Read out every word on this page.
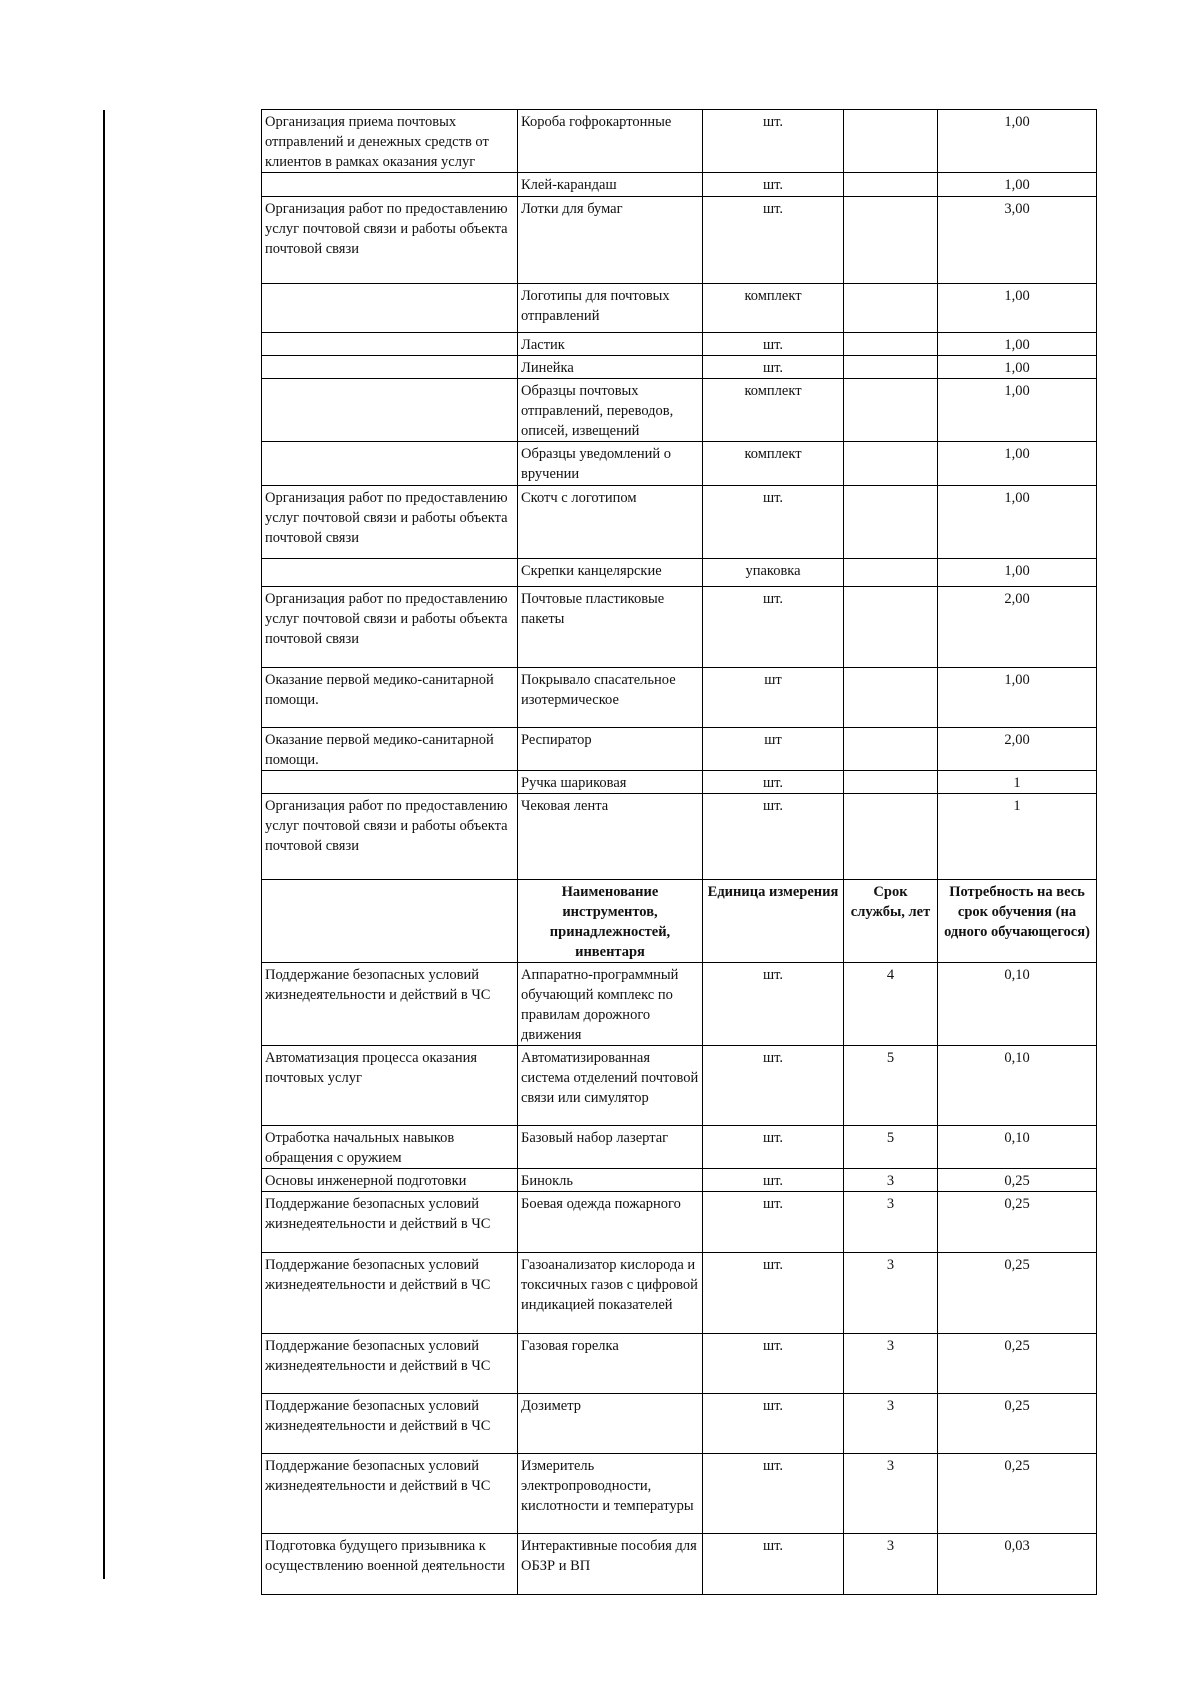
Организация приема почтовых отправлений и денежных средств от клиентов в рамках оказания услуг	Короба гофрокартонные	шт.		1,00
	Клей-карандаш	шт.		1,00
Организация работ по предоставлению услуг почтовой связи и работы объекта почтовой связи	Лотки для бумаг	шт.		3,00
	Логотипы для почтовых отправлений	комплект		1,00
	Ластик	шт.		1,00
	Линейка	шт.		1,00
	Образцы почтовых отправлений, переводов, описей, извещений	комплект		1,00
	Образцы уведомлений о вручении	комплект		1,00
Организация работ по предоставлению услуг почтовой связи и работы объекта почтовой связи	Скотч с логотипом	шт.		1,00
	Скрепки канцелярские	упаковка		1,00
Организация работ по предоставлению услуг почтовой связи и работы объекта почтовой связи	Почтовые пластиковые пакеты	шт.		2,00
Оказание первой медико-санитарной помощи.	Покрывало спасательное изотермическое	шт		1,00
Оказание первой медико-санитарной помощи.	Респиратор	шт		2,00
	Ручка шариковая	шт.		1
Организация работ по предоставлению услуг почтовой связи и работы объекта почтовой связи	Чековая лента	шт.		1
	Наименование инструментов, принадлежностей, инвентаря	Единица измерения	Срок службы, лет	Потребность на весь срок обучения (на одного обучающегося)
Поддержание безопасных условий жизнедеятельности и действий в ЧС	Аппаратно-программный обучающий комплекс по правилам дорожного движения	шт.	4	0,10
Автоматизация процесса оказания почтовых услуг	Автоматизированная система отделений почтовой связи или симулятор	шт.	5	0,10
Отработка начальных навыков обращения с оружием	Базовый набор лазертаг	шт.	5	0,10
Основы инженерной подготовки	Бинокль	шт.	3	0,25
Поддержание безопасных условий жизнедеятельности и действий в ЧС	Боевая одежда пожарного	шт.	3	0,25
Поддержание безопасных условий жизнедеятельности и действий в ЧС	Газоанализатор кислорода и токсичных газов с цифровой индикацией показателей	шт.	3	0,25
Поддержание безопасных условий жизнедеятельности и действий в ЧС	Газовая горелка	шт.	3	0,25
Поддержание безопасных условий жизнедеятельности и действий в ЧС	Дозиметр	шт.	3	0,25
Поддержание безопасных условий жизнедеятельности и действий в ЧС	Измеритель электропроводности, кислотности и температуры	шт.	3	0,25
Подготовка будущего призывника к осуществлению военной деятельности	Интерактивные пособия для ОБЗР и ВП	шт.	3	0,03
